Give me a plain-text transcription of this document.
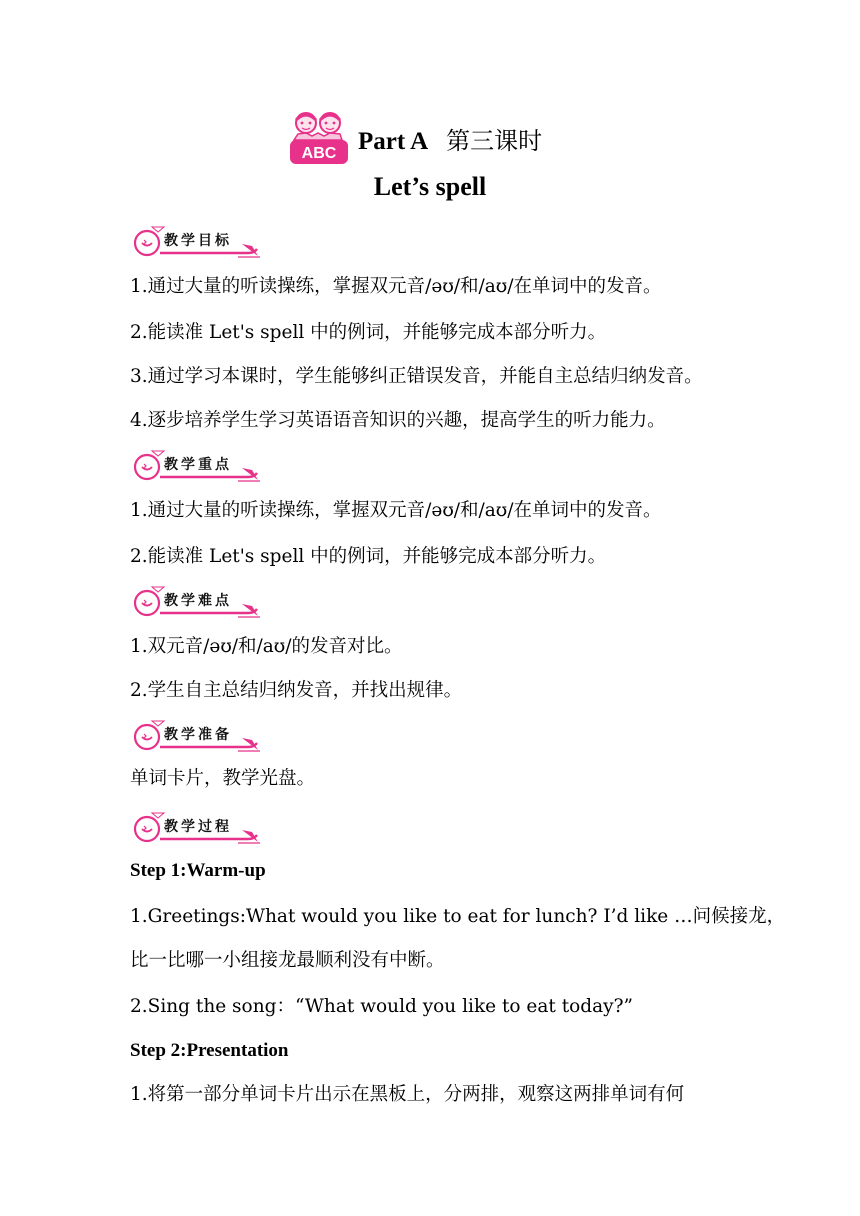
ABC Part A 第三课时
Let’s spell
教学目标
1.通过大量的听读操练，掌握双元音/əʊ/和/aʊ/在单词中的发音。
2.能读准 Let's spell 中的例词，并能够完成本部分听力。
3.通过学习本课时，学生能够纠正错误发音，并能自主总结归纳发音。
4.逐步培养学生学习英语语音知识的兴趣，提高学生的听力能力。
教学重点
1.通过大量的听读操练，掌握双元音/əʊ/和/aʊ/在单词中的发音。
2.能读准 Let's spell 中的例词，并能够完成本部分听力。
教学难点
1.双元音/əʊ/和/aʊ/的发音对比。
2.学生自主总结归纳发音，并找出规律。
教学准备
单词卡片，教学光盘。
教学过程
Step 1:Warm-up
1.Greetings:What would you like to eat for lunch? I’d like …问候接龙，
比一比哪一小组接龙最顺利没有中断。
2.Sing the song：“What would you like to eat today?”
Step 2:Presentation
1.将第一部分单词卡片出示在黑板上，分两排，观察这两排单词有何
